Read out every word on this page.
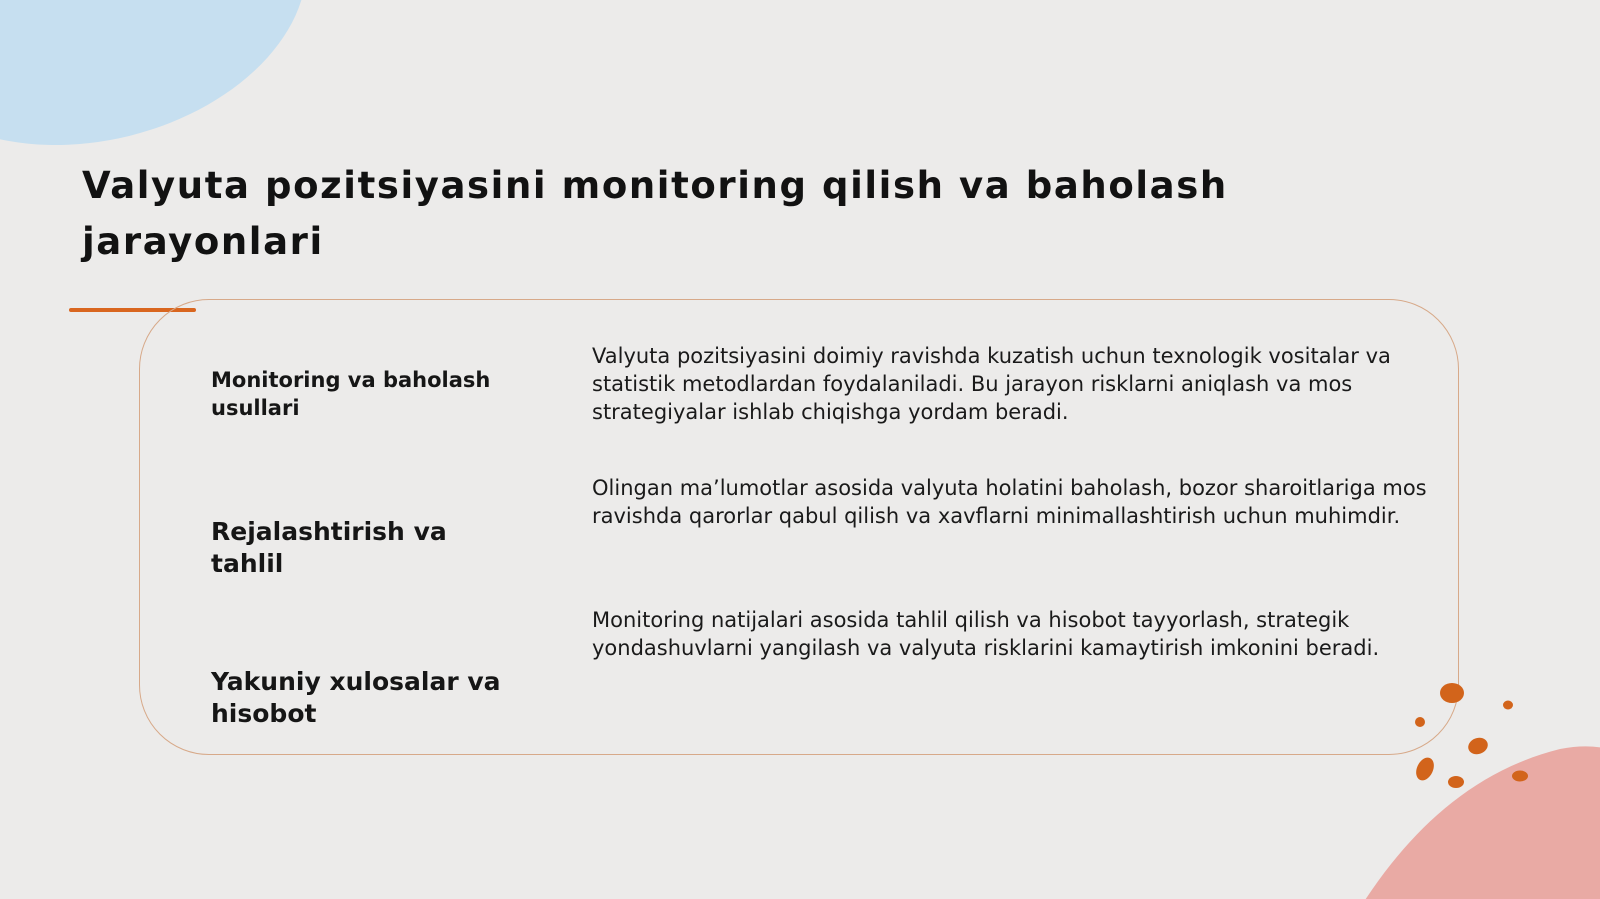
Valyuta pozitsiyasini monitoring qilish va baholash jarayonlari

Monitoring va baholash usullari

Valyuta pozitsiyasini doimiy ravishda kuzatish uchun texnologik vositalar va statistik metodlardan foydalaniladi. Bu jarayon risklarni aniqlash va mos strategiyalar ishlab chiqishga yordam beradi.

Rejalashtirish va tahlil

Olingan ma’lumotlar asosida valyuta holatini baholash, bozor sharoitlariga mos ravishda qarorlar qabul qilish va xavflarni minimallashtirish uchun muhimdir.

Yakuniy xulosalar va hisobot

Monitoring natijalari asosida tahlil qilish va hisobot tayyorlash, strategik yondashuvlarni yangilash va valyuta risklarini kamaytirish imkonini beradi.
